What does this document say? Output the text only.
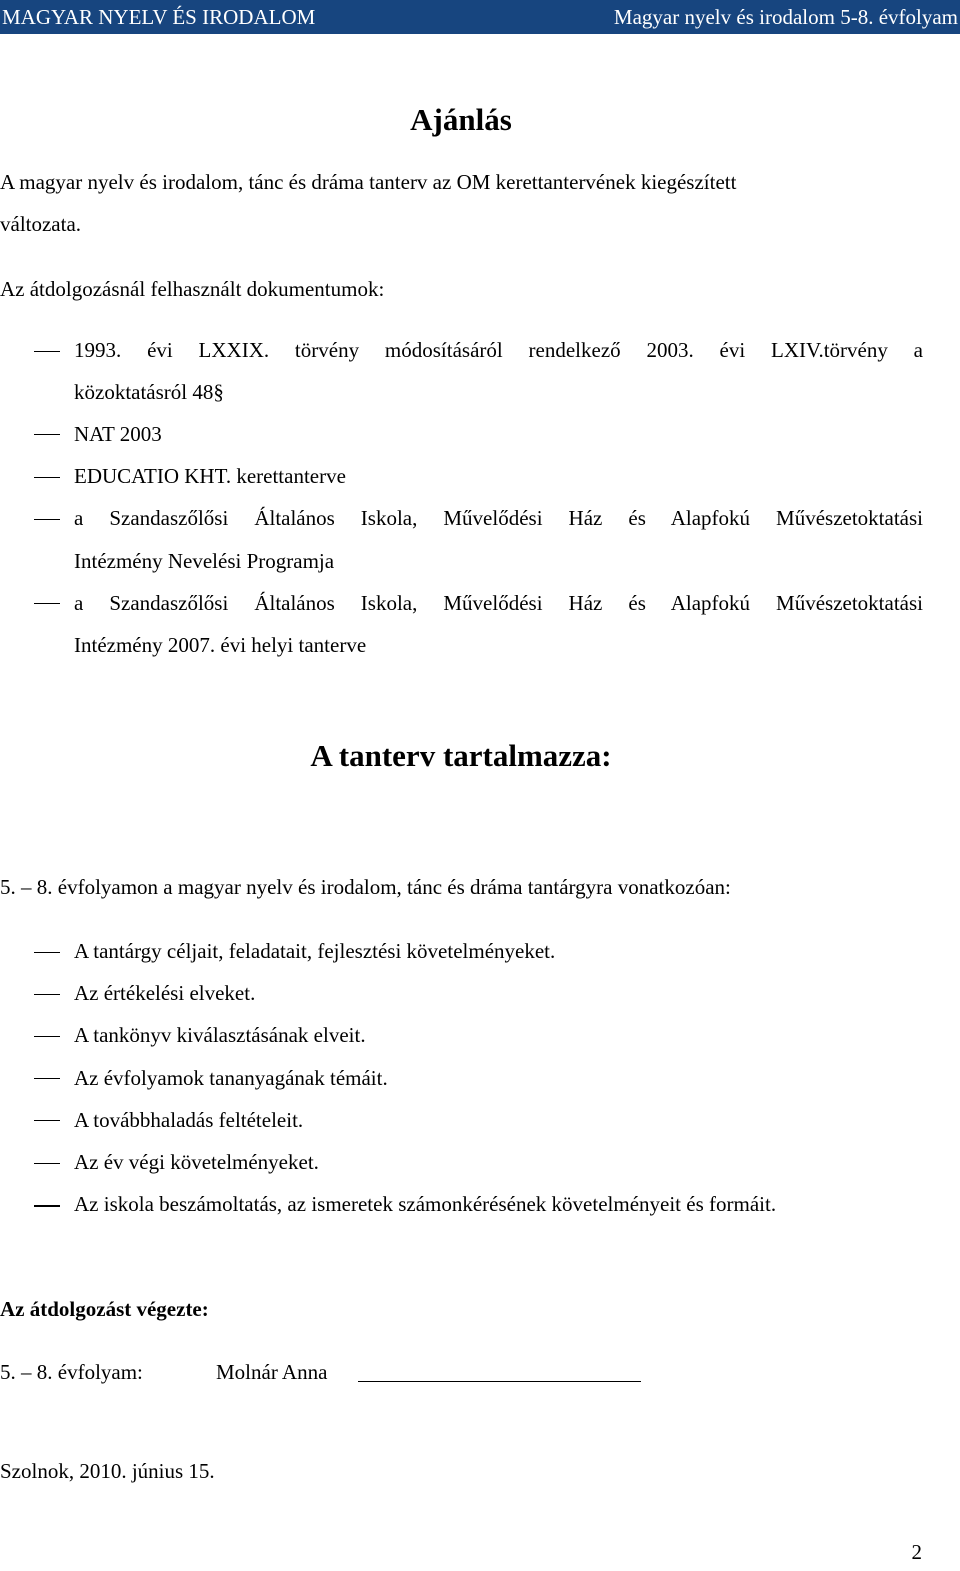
MAGYAR NYELV ÉS IRODALOM	Magyar nyelv és irodalom 5-8. évfolyam
Ajánlás
A magyar nyelv és irodalom, tánc és dráma tanterv az OM kerettantervének kiegészített
változata.
Az átdolgozásnál felhasznált dokumentumok:
1993. évi LXXIX. törvény módosításáról rendelkező 2003. évi LXIV.törvény a
közoktatásról 48§
NAT 2003
EDUCATIO KHT. kerettanterve
a Szandaszőlősi Általános Iskola, Művelődési Ház és Alapfokú Művészetoktatási
Intézmény Nevelési Programja
a Szandaszőlősi Általános Iskola, Művelődési Ház és Alapfokú Művészetoktatási
Intézmény 2007. évi helyi tanterve
A tanterv tartalmazza:
5. – 8. évfolyamon a magyar nyelv és irodalom, tánc és dráma tantárgyra vonatkozóan:
A tantárgy céljait, feladatait, fejlesztési követelményeket.
Az értékelési elveket.
A tankönyv kiválasztásának elveit.
Az évfolyamok tananyagának témáit.
A továbbhaladás feltételeit.
Az év végi követelményeket.
Az iskola beszámoltatás, az ismeretek számonkérésének követelményeit és formáit.
Az átdolgozást végezte:
5. – 8. évfolyam:	Molnár Anna
Szolnok, 2010. június 15.
2
